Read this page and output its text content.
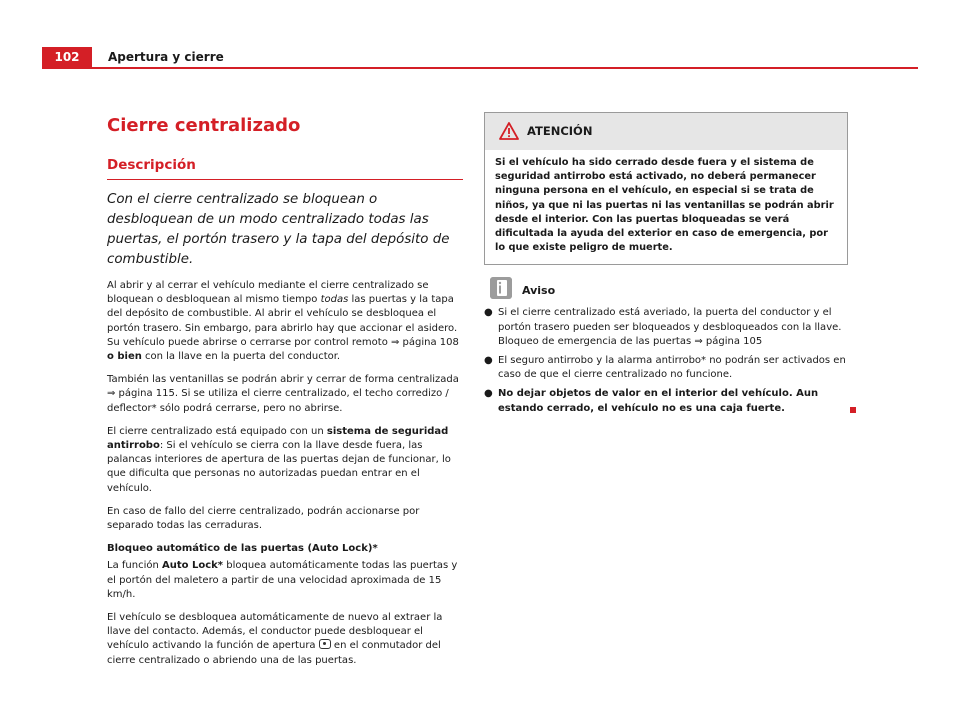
102	Apertura y cierre
Cierre centralizado
Descripción

Con el cierre centralizado se bloquean o desbloquean de un modo centralizado todas las puertas, el portón trasero y la tapa del depósito de combustible.

Al abrir y al cerrar el vehículo mediante el cierre centralizado se bloquean o desbloquean al mismo tiempo todas las puertas y la tapa del depósito de combustible. Al abrir el vehículo se desbloquea el portón trasero. Sin embargo, para abrirlo hay que accionar el asidero. Su vehículo puede abrirse o cerrarse por control remoto ⇒ página 108 o bien con la llave en la puerta del conductor.

También las ventanillas se podrán abrir y cerrar de forma centralizada ⇒ página 115. Si se utiliza el cierre centralizado, el techo corredizo / deflector* sólo podrá cerrarse, pero no abrirse.

El cierre centralizado está equipado con un sistema de seguridad antirrobo: Si el vehículo se cierra con la llave desde fuera, las palancas interiores de apertura de las puertas dejan de funcionar, lo que dificulta que personas no autorizadas puedan entrar en el vehículo.

En caso de fallo del cierre centralizado, podrán accionarse por separado todas las cerraduras.

Bloqueo automático de las puertas (Auto Lock)*

La función Auto Lock* bloquea automáticamente todas las puertas y el portón del maletero a partir de una velocidad aproximada de 15 km/h.

El vehículo se desbloquea automáticamente de nuevo al extraer la llave del contacto. Además, el conductor puede desbloquear el vehículo activando la función de apertura  en el conmutador del cierre centralizado o abriendo una de las puertas.

ATENCIÓN
Si el vehículo ha sido cerrado desde fuera y el sistema de seguridad antirrobo está activado, no deberá permanecer ninguna persona en el vehículo, en especial si se trata de niños, ya que ni las puertas ni las ventanillas se podrán abrir desde el interior. Con las puertas bloqueadas se verá dificultada la ayuda del exterior en caso de emergencia, por lo que existe peligro de muerte.
Aviso
● Si el cierre centralizado está averiado, la puerta del conductor y el portón trasero pueden ser bloqueados y desbloqueados con la llave. Bloqueo de emergencia de las puertas ⇒ página 105
● El seguro antirrobo y la alarma antirrobo* no podrán ser activados en caso de que el cierre centralizado no funcione.
● No dejar objetos de valor en el interior del vehículo. Aun estando cerrado, el vehículo no es una caja fuerte.
